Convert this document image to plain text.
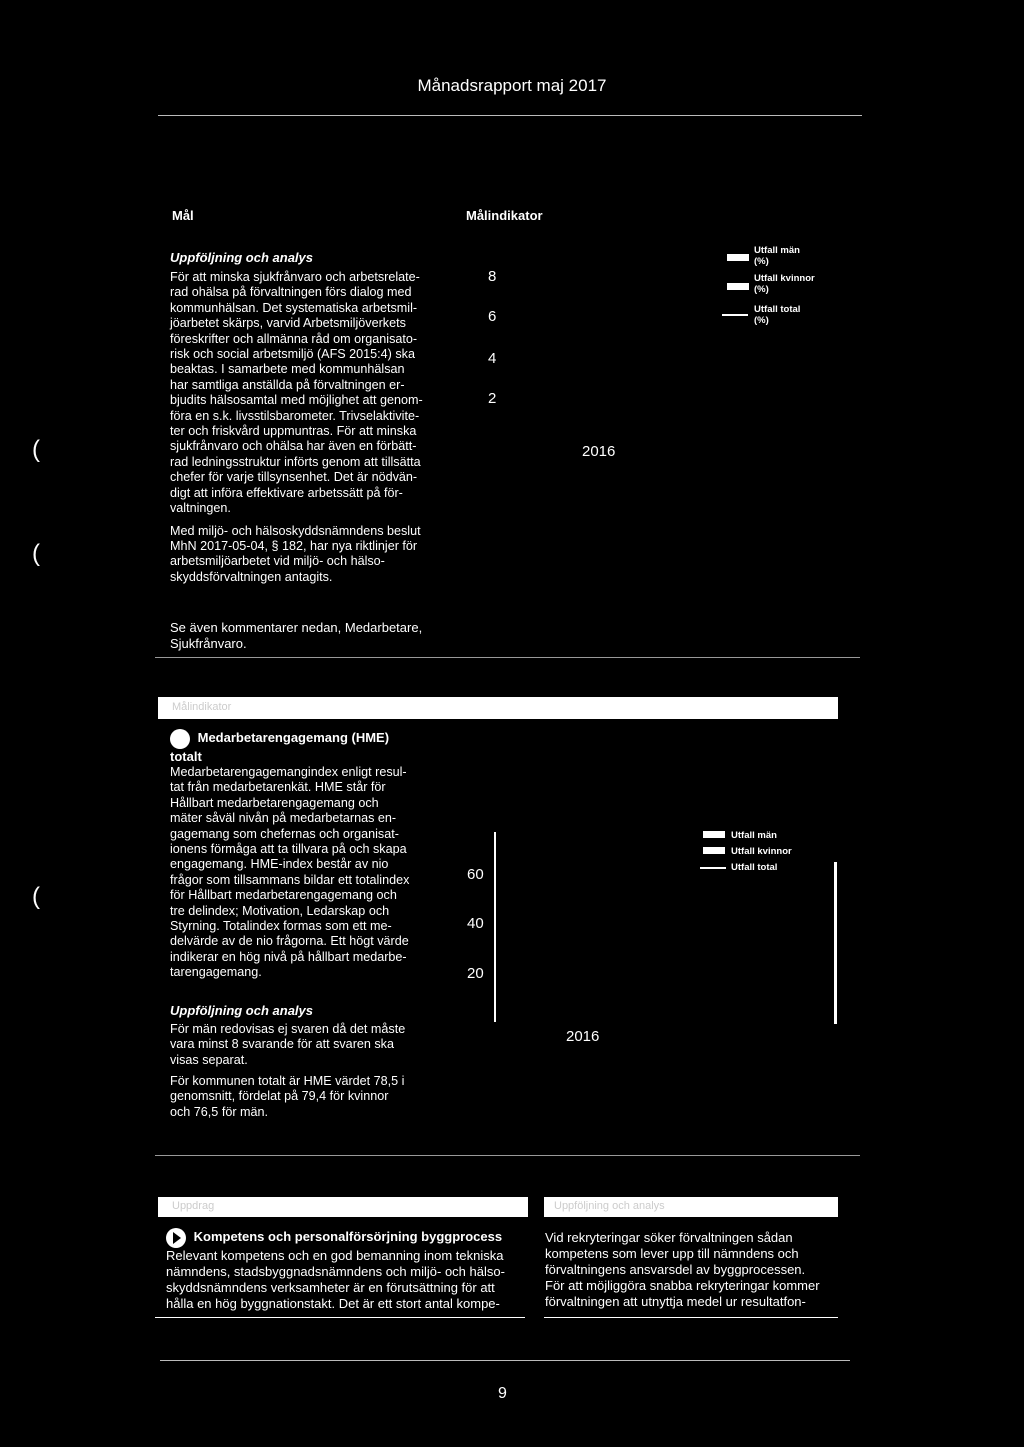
Månadsrapport maj 2017
(
(
(
Mål	Målindikator
Uppföljning och analys
För att minska sjukfrånvaro och arbetsrelate-
rad ohälsa på förvaltningen förs dialog med
kommunhälsan. Det systematiska arbetsmil-
jöarbetet skärps, varvid Arbetsmiljöverkets
föreskrifter och allmänna råd om organisato-
risk och social arbetsmiljö (AFS 2015:4) ska
beaktas. I samarbete med kommunhälsan
har samtliga anställda på förvaltningen er-
bjudits hälsosamtal med möjlighet att genom-
föra en s.k. livsstilsbarometer. Trivselaktivite-
ter och friskvård uppmuntras. För att minska
sjukfrånvaro och ohälsa har även en förbätt-
rad ledningsstruktur införts genom att tillsätta
chefer för varje tillsynsenhet. Det är nödvän-
digt att införa effektivare arbetssätt på för-
valtningen.
Med miljö- och hälsoskyddsnämndens beslut
MhN 2017-05-04, § 182, har nya riktlinjer för
arbetsmiljöarbetet vid miljö- och hälso-
skyddsförvaltningen antagits.
Se även kommentarer nedan, Medarbetare,
Sjukfrånvaro.
8
6
4
2
2016
Utfall män
(%)
Utfall kvinnor
(%)
Utfall total
(%)
Målindikator
Medarbetarengagemang (HME)
totalt
Medarbetarengagemangindex enligt resul-
tat från medarbetarenkät. HME står för
Hållbart medarbetarengagemang och
mäter såväl nivån på medarbetarnas en-
gagemang som chefernas och organisat-
ionens förmåga att ta tillvara på och skapa
engagemang. HME-index består av nio
frågor som tillsammans bildar ett totalindex
för Hållbart medarbetarengagemang och
tre delindex; Motivation, Ledarskap och
Styrning. Totalindex formas som ett me-
delvärde av de nio frågorna. Ett högt värde
indikerar en hög nivå på hållbart medarbe-
tarengagemang.
Uppföljning och analys
För män redovisas ej svaren då det måste
vara minst 8 svarande för att svaren ska
visas separat.
För kommunen totalt är HME värdet 78,5 i
genomsnitt, fördelat på 79,4 för kvinnor
och 76,5 för män.
60
40
20
2016
Utfall män
Utfall kvinnor
Utfall total
Uppdrag	Uppföljning och analys
Kompetens och personalförsörjning byggprocess
Relevant kompetens och en god bemanning inom tekniska
nämndens, stadsbyggnadsnämndens och miljö- och hälso-
skyddsnämndens verksamheter är en förutsättning för att
hålla en hög byggnationstakt. Det är ett stort antal kompe-
Vid rekryteringar söker förvaltningen sådan
kompetens som lever upp till nämndens och
förvaltningens ansvarsdel av byggprocessen.
För att möjliggöra snabba rekryteringar kommer
förvaltningen att utnyttja medel ur resultatfon-
9
